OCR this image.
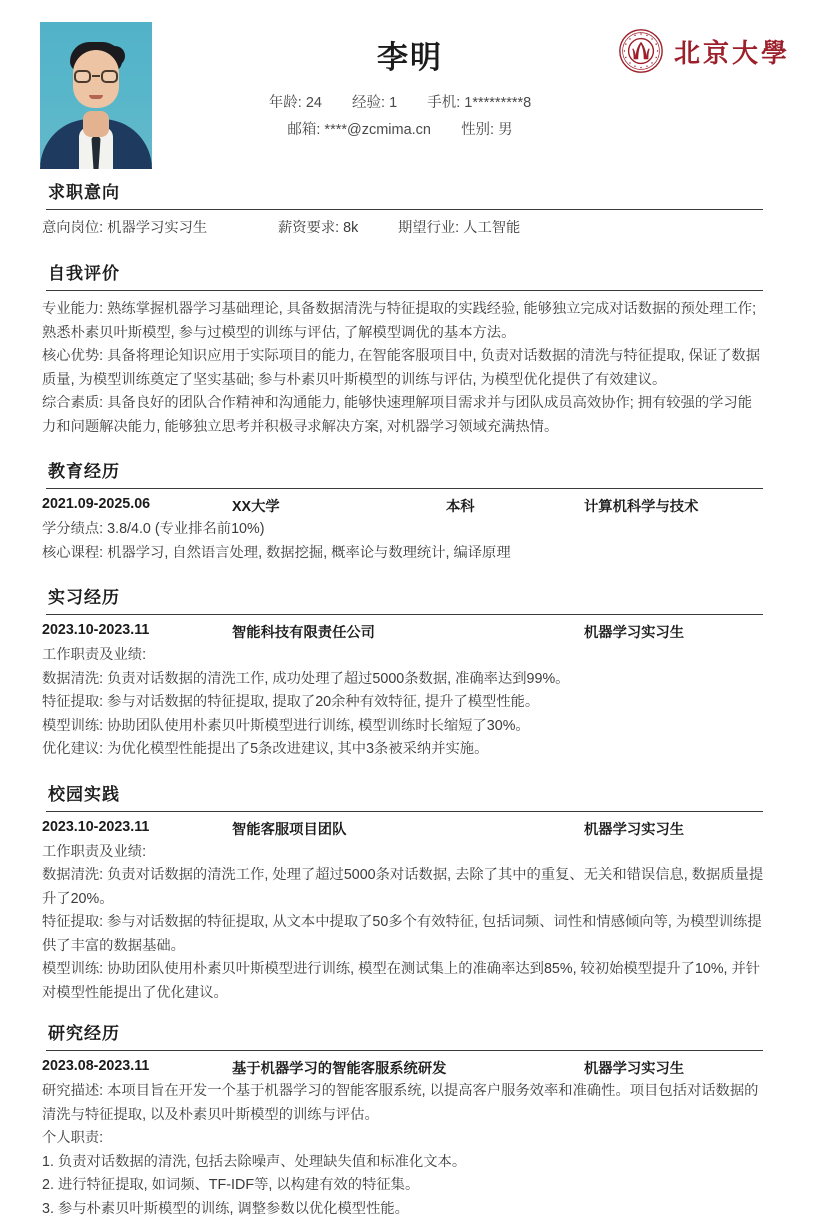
李明
年龄: 24 经验: 1 手机: 1*********8
邮箱: ****@zcmima.cn 性别: 男
北京大學
求职意向
意向岗位: 机器学习实习生	薪资要求: 8k	期望行业: 人工智能
自我评价

专业能力: 熟练掌握机器学习基础理论, 具备数据清洗与特征提取的实践经验, 能够独立完成对话数据的预处理工作; 熟悉朴素贝叶斯模型, 参与过模型的训练与评估, 了解模型调优的基本方法。

核心优势: 具备将理论知识应用于实际项目的能力, 在智能客服项目中, 负责对话数据的清洗与特征提取, 保证了数据质量, 为模型训练奠定了坚实基础; 参与朴素贝叶斯模型的训练与评估, 为模型优化提供了有效建议。

综合素质: 具备良好的团队合作精神和沟通能力, 能够快速理解项目需求并与团队成员高效协作; 拥有较强的学习能力和问题解决能力, 能够独立思考并积极寻求解决方案, 对机器学习领域充满热情。

教育经历
2021.09-2025.06	XX大学	本科	计算机科学与技术

学分绩点: 3.8/4.0 (专业排名前10%)

核心课程: 机器学习, 自然语言处理, 数据挖掘, 概率论与数理统计, 编译原理

实习经历
2023.10-2023.11	智能科技有限责任公司	机器学习实习生

工作职责及业绩:

数据清洗: 负责对话数据的清洗工作, 成功处理了超过5000条数据, 准确率达到99%。

特征提取: 参与对话数据的特征提取, 提取了20余种有效特征, 提升了模型性能。

模型训练: 协助团队使用朴素贝叶斯模型进行训练, 模型训练时长缩短了30%。

优化建议: 为优化模型性能提出了5条改进建议, 其中3条被采纳并实施。

校园实践
2023.10-2023.11	智能客服项目团队	机器学习实习生

工作职责及业绩:

数据清洗: 负责对话数据的清洗工作, 处理了超过5000条对话数据, 去除了其中的重复、无关和错误信息, 数据质量提升了20%。

特征提取: 参与对话数据的特征提取, 从文本中提取了50多个有效特征, 包括词频、词性和情感倾向等, 为模型训练提供了丰富的数据基础。

模型训练: 协助团队使用朴素贝叶斯模型进行训练, 模型在测试集上的准确率达到85%, 较初始模型提升了10%, 并针对模型性能提出了优化建议。

研究经历
2023.08-2023.11	基于机器学习的智能客服系统研发	机器学习实习生

研究描述: 本项目旨在开发一个基于机器学习的智能客服系统, 以提高客户服务效率和准确性。项目包括对话数据的清洗与特征提取, 以及朴素贝叶斯模型的训练与评估。

个人职责:

1. 负责对话数据的清洗, 包括去除噪声、处理缺失值和标准化文本。

2. 进行特征提取, 如词频、TF-IDF等, 以构建有效的特征集。

3. 参与朴素贝叶斯模型的训练, 调整参数以优化模型性能。
